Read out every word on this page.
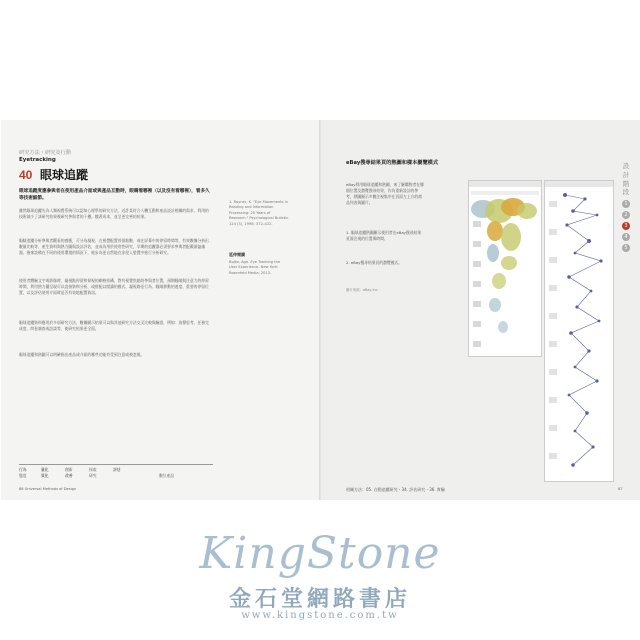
研究方法・研究及行動
Eyetracking
40 眼球追蹤
眼球追蹤度應參與者在使用產品介面或與產品互動時，眼睛看哪裡（以及沒有看哪裡），看多久等技術細節。
雖然眼球追蹤先為人類視覺系統可以認知心理學的研究方法，近許某符合人機互動和產品設計相關的需求，利用的技術減少了該研究結果被研究參與者的干擾。隨著成本，並呈更完善的結果。
眼睛追蹤分析參與者觀看的感應，可分為凝視、在視覺配置停留點數、或在屏幕中的停留時間等，有效數據分析出數量比較等，產生資料與熱力圖與設計評估，並成為用於使用性研究，早期的追蹤器必須要求參與者配戴頭盔儀器，後來設備在不同的使用環境的情況下，進步為更自然地在非侵入裝置中進行分析研究。
使用者體驗文字或影像時，凝視點停留和掃視的網格結構，對有視覺焦點的參與者位置，預期眼睛與注意力的停留時間，利用熱力圖呈現可以直接資料分析，或搭配以閱讀的模式、凝視路徑行為、眼睛移動的速度、重要的停留位置，以及評估使用介面時是否有效地配置資訊。
眼球追蹤資料應用於多項研究方法，數據顯示結果可以與其他研究方法交叉比較與驗證，例如：放聲思考、任務完成度、問卷調查或訪談等，使研究結果更全面。
眼球追蹤和熱圖可以明確指出產品或介面的哪些功能有受到注意或被忽視。
1. Rayner, K. "Eye Movements in Reading and Information Processing: 20 Years of Research." Psychological Bulletin 124 (3), 1998: 372–422.
延伸閱讀
Bojko, Aga. Eye Tracking the User Experience. New York: Rosenfeld Media, 2013.
行為	量化	創新	探索	評估
態度	質化	改善	研究	數位產品
86 Universal Methods of Design
eBay搜尋結果頁的熱圖和樣本瀏覽模式
eBay利用眼球追蹤和熱圖，來了解購物者在哪個位置及瀏覽搜尋結果，作為重新設計的參考，熱圖顯示多數注視集中在頁面左上方的商品列表與圖片。
1. 眼球追蹤熱圖顯示使用者在eBay搜尋結果頁面注視的位置與時間。
2. eBay搜尋結果頁的瀏覽模式。
圖片來源：eBay Inc.
設
計
階
段
1
2
3
4
5
相關方法：05. 自動追蹤研究・34. 評估研究・36. 實驗	87
KingStone
金石堂網路書店
www.kingstone.com.tw
